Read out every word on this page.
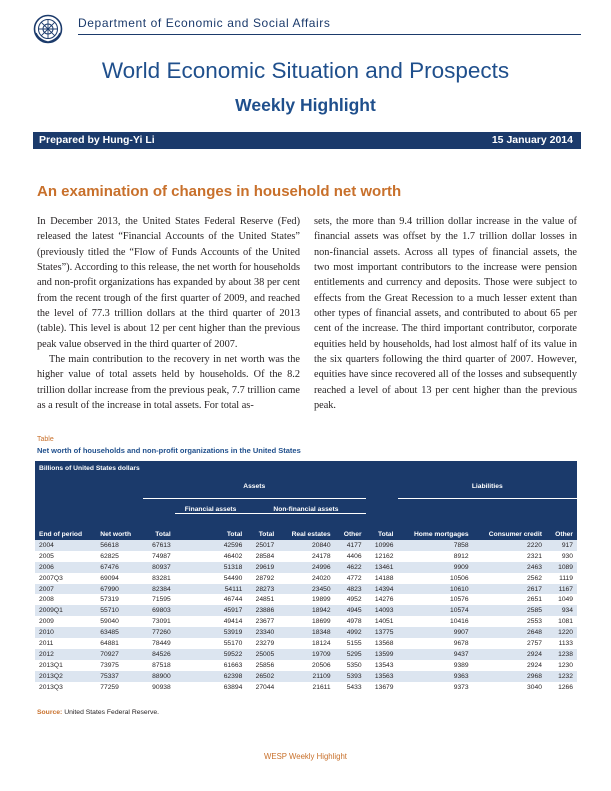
Department of Economic and Social Affairs
World Economic Situation and Prospects
Weekly Highlight
Prepared by Hung-Yi Li	15 January 2014
An examination of changes in household net worth

In December 2013, the United States Federal Reserve (Fed) released the latest “Financial Accounts of the United States” (previously titled the “Flow of Funds Accounts of the United States”). According to this release, the net worth for households and non-profit organizations has expanded by about 38 per cent from the recent trough of the first quarter of 2009, and reached the level of 77.3 trillion dollars at the third quarter of 2013 (table). This level is about 12 per cent higher than the previous peak value observed in the third quarter of 2007.

The main contribution to the recovery in net worth was the higher value of total assets held by households. Of the 8.2 trillion dollar increase from the previous peak, 7.7 trillion came as a result of the increase in total assets. For total as-

sets, the more than 9.4 trillion dollar increase in the value of financial assets was offset by the 1.7 trillion dollar losses in non-financial assets. Across all types of financial assets, the two most important contributors to the increase were pension entitlements and currency and deposits. Those were subject to effects from the Great Recession to a much lesser extent than other types of financial assets, and contributed to about 65 per cent of the increase. The third important contributor, corporate equities held by households, had lost almost half of its value in the six quarters following the third quarter of 2007. However, equities have since recovered all of the losses and subsequently reached a level of about 13 per cent higher than the previous peak.

Table
Net worth of households and non-profit organizations in the United States
Billions of United States dollars										
		Assets						Liabilities		
			Financial assets	Non-financial assets						
End of period	Net worth	Total	Total	Total	Real estates	Other	Total	Home mortgages	Consumer credit	Other
2004	56618	67613	42596	25017	20840	4177	10996	7858	2220	917
2005	62825	74987	46402	28584	24178	4406	12162	8912	2321	930
2006	67476	80937	51318	29619	24996	4622	13461	9909	2463	1089
2007Q3	69094	83281	54490	28792	24020	4772	14188	10506	2562	1119
2007	67990	82384	54111	28273	23450	4823	14394	10610	2617	1167
2008	57319	71595	46744	24851	19899	4952	14276	10576	2651	1049
2009Q1	55710	69803	45917	23886	18942	4945	14093	10574	2585	934
2009	59040	73091	49414	23677	18699	4978	14051	10416	2553	1081
2010	63485	77260	53919	23340	18348	4992	13775	9907	2648	1220
2011	64881	78449	55170	23279	18124	5155	13568	9678	2757	1133
2012	70927	84526	59522	25005	19709	5295	13599	9437	2924	1238
2013Q1	73975	87518	61663	25856	20506	5350	13543	9389	2924	1230
2013Q2	75337	88900	62398	26502	21109	5393	13563	9363	2968	1232
2013Q3	77259	90938	63894	27044	21611	5433	13679	9373	3040	1266
Source: United States Federal Reserve.
WESP Weekly Highlight
